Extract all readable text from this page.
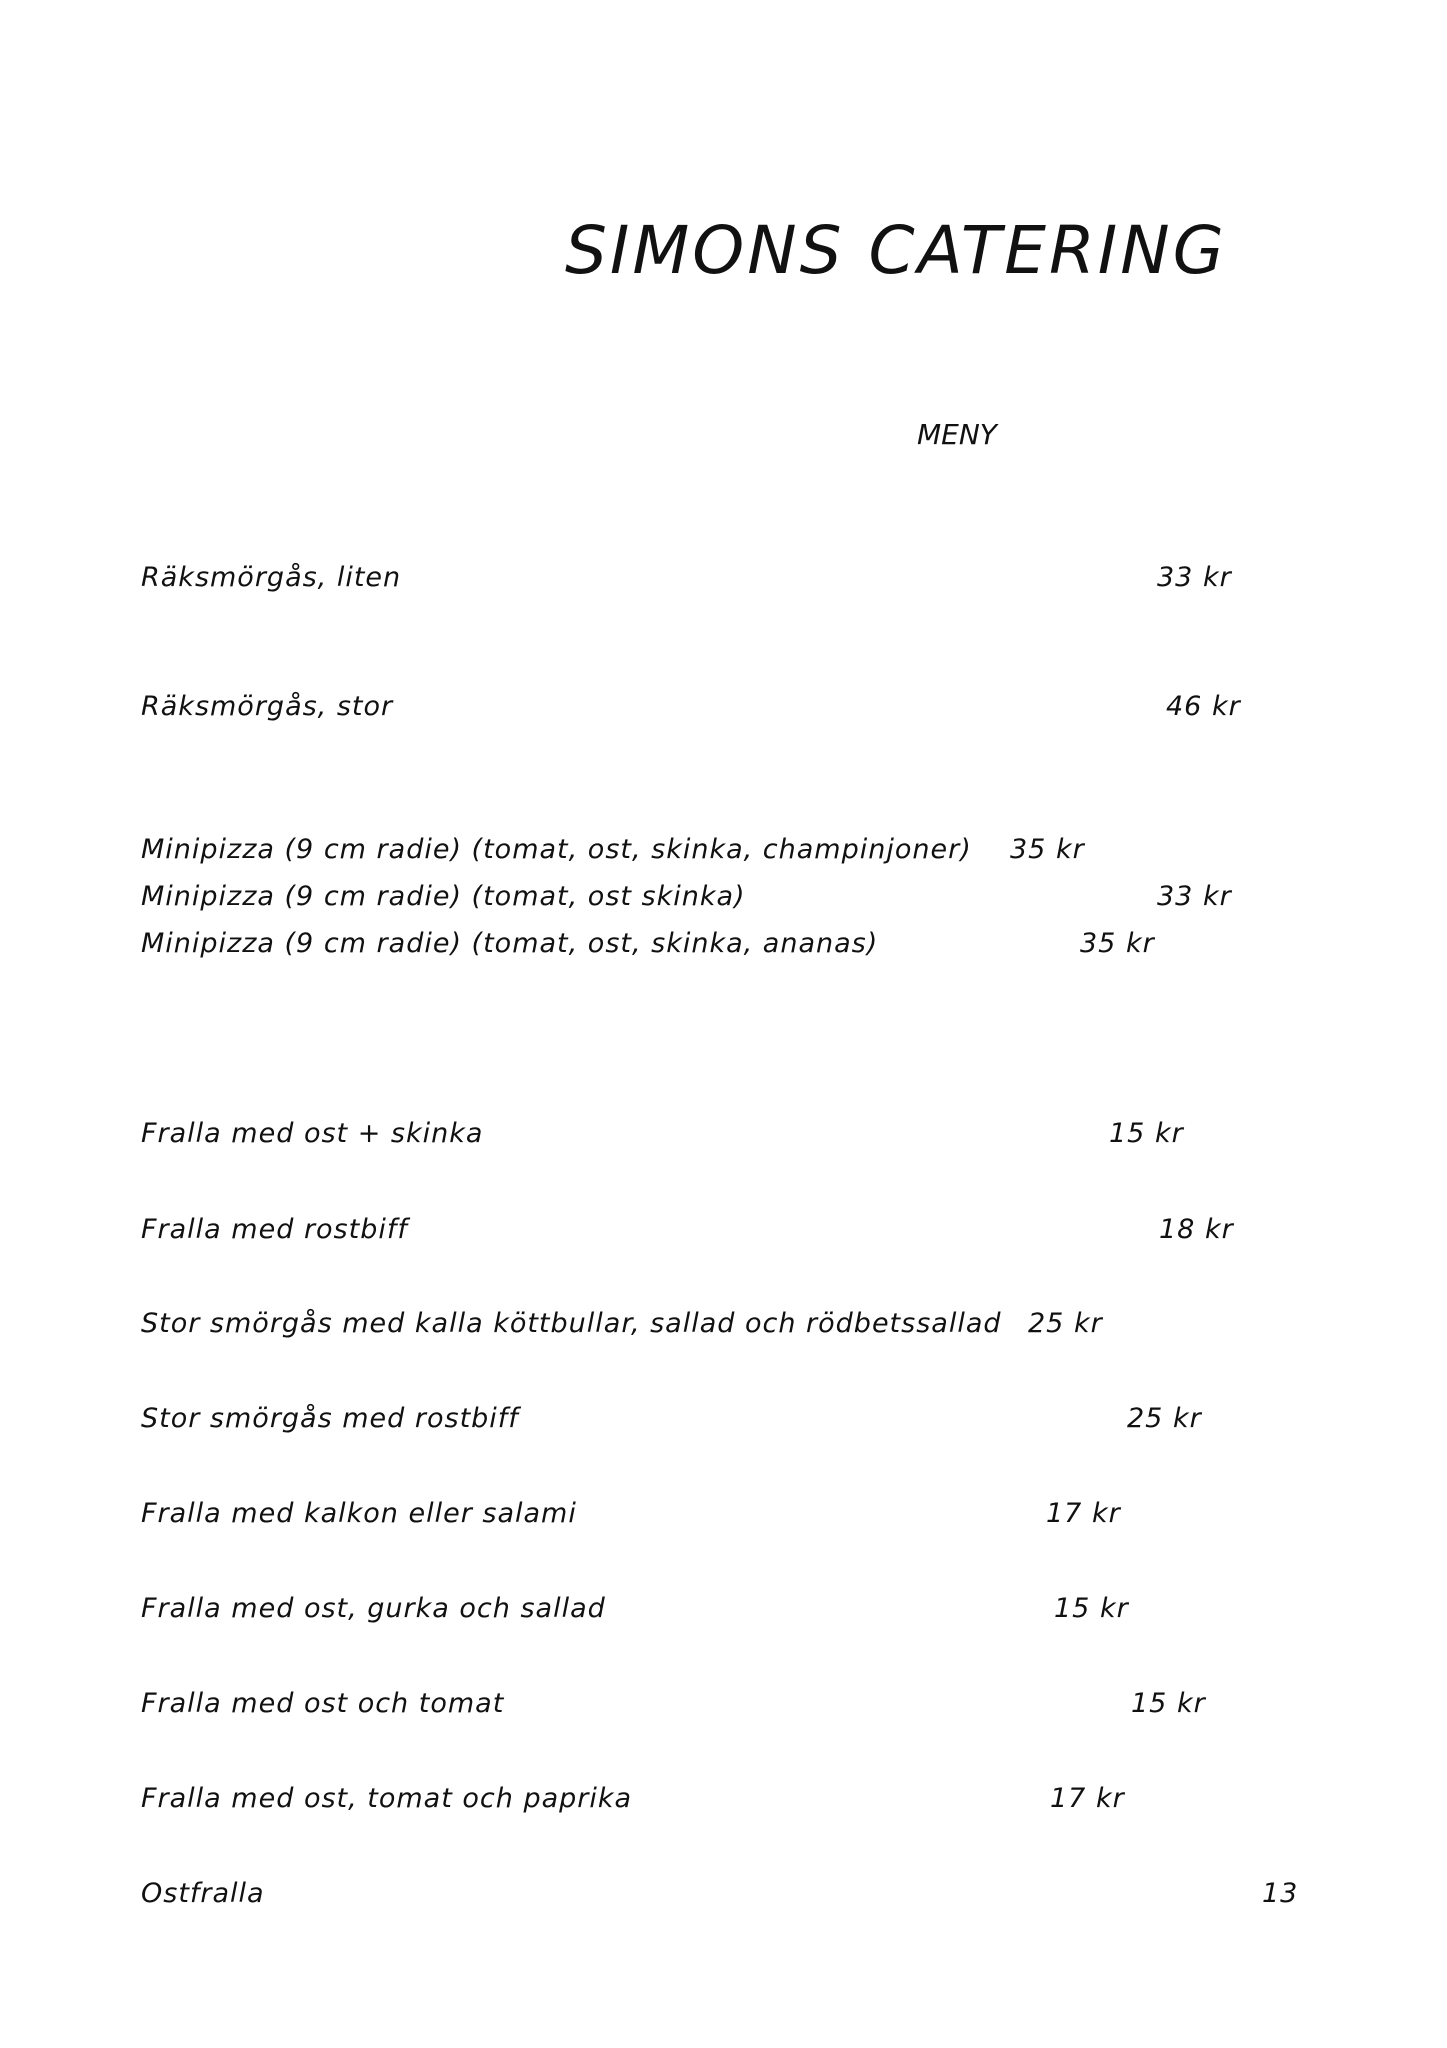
SIMONS CATERING
MENY
Räksmörgås, liten	33 kr
Räksmörgås, stor	46 kr
Minipizza (9 cm radie) (tomat, ost, skinka, champinjoner) 35 kr
Minipizza (9 cm radie) (tomat, ost skinka)	33 kr
Minipizza (9 cm radie) (tomat, ost, skinka, ananas)	35 kr
Fralla med ost + skinka	15 kr
Fralla med rostbiff	18 kr
Stor smörgås med kalla köttbullar, sallad och rödbetssallad 25 kr
Stor smörgås med rostbiff	25 kr
Fralla med kalkon eller salami	17 kr
Fralla med ost, gurka och sallad	15 kr
Fralla med ost och tomat	15 kr
Fralla med ost, tomat och paprika	17 kr
Ostfralla	13
